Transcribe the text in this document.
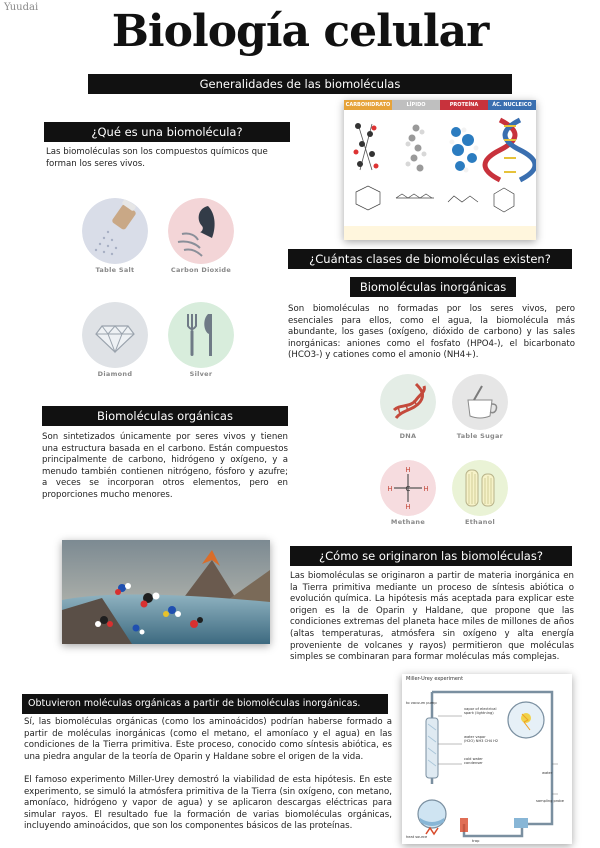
Yuudai	Biología celular
Generalidades de las biomoléculas
¿Qué es una biomolécula?
Las biomoléculas son los compuestos químicos que forman los seres vivos.
Table Salt	Carbon Dioxide
Diamond	Silver
CARBOHIDRATO	LÍPIDO	PROTEÍNA	ÁC. NUCLEICO
¿Cuántas clases de biomoléculas existen?
Biomoléculas inorgánicas
Son biomoléculas no formadas por los seres vivos, pero esenciales para ellos, como el agua, la biomolécula más abundante, los gases (oxígeno, dióxido de carbono) y las sales inorgánicas: aniones como el fosfato (HPO4-), el bicarbonato (HCO3-) y cationes como el amonio (NH4+).
DNA	Table Sugar
C
H
H
H	H
Methane	Ethanol
Biomoléculas orgánicas
Son sintetizados únicamente por seres vivos y tienen una estructura basada en el carbono. Están compuestos principalmente de carbono, hidrógeno y oxígeno, y a menudo también contienen nitrógeno, fósforo y azufre; a veces se incorporan otros elementos, pero en proporciones mucho menores.
¿Cómo se originaron las biomoléculas?
Las biomoléculas se originaron a partir de materia inorgánica en la Tierra primitiva mediante un proceso de síntesis abiótica o evolución química. La hipótesis más aceptada para explicar este origen es la de Oparin y Haldane, que propone que las condiciones extremas del planeta hace miles de millones de años (altas temperaturas, atmósfera sin oxígeno y alta energía proveniente de volcanes y rayos) permitieron que moléculas simples se combinaran para formar moléculas más complejas.
Obtuvieron moléculas orgánicas a partir de biomoléculas inorgánicas.
Sí, las biomoléculas orgánicas (como los aminoácidos) podrían haberse formado a partir de moléculas inorgánicas (como el metano, el amoníaco y el agua) en las condiciones de la Tierra primitiva. Este proceso, conocido como síntesis abiótica, es una piedra angular de la teoría de Oparin y Haldane sobre el origen de la vida.
El famoso experimento Miller-Urey demostró la viabilidad de esta hipótesis. En este experimento, se simuló la atmósfera primitiva de la Tierra (sin oxígeno, con metano, amoníaco, hidrógeno y vapor de agua) y se aplicaron descargas eléctricas para simular rayos. El resultado fue la formación de varias biomoléculas orgánicas, incluyendo aminoácidos, que son los componentes básicos de las proteínas.
Miller-Urey experiment
to vacuum pump
vapor of electrical
spark (lightning)
water vapor
(H2O) NH3 CH4 H2
cold water
condenser
water
sampling probe
heat source
trap
